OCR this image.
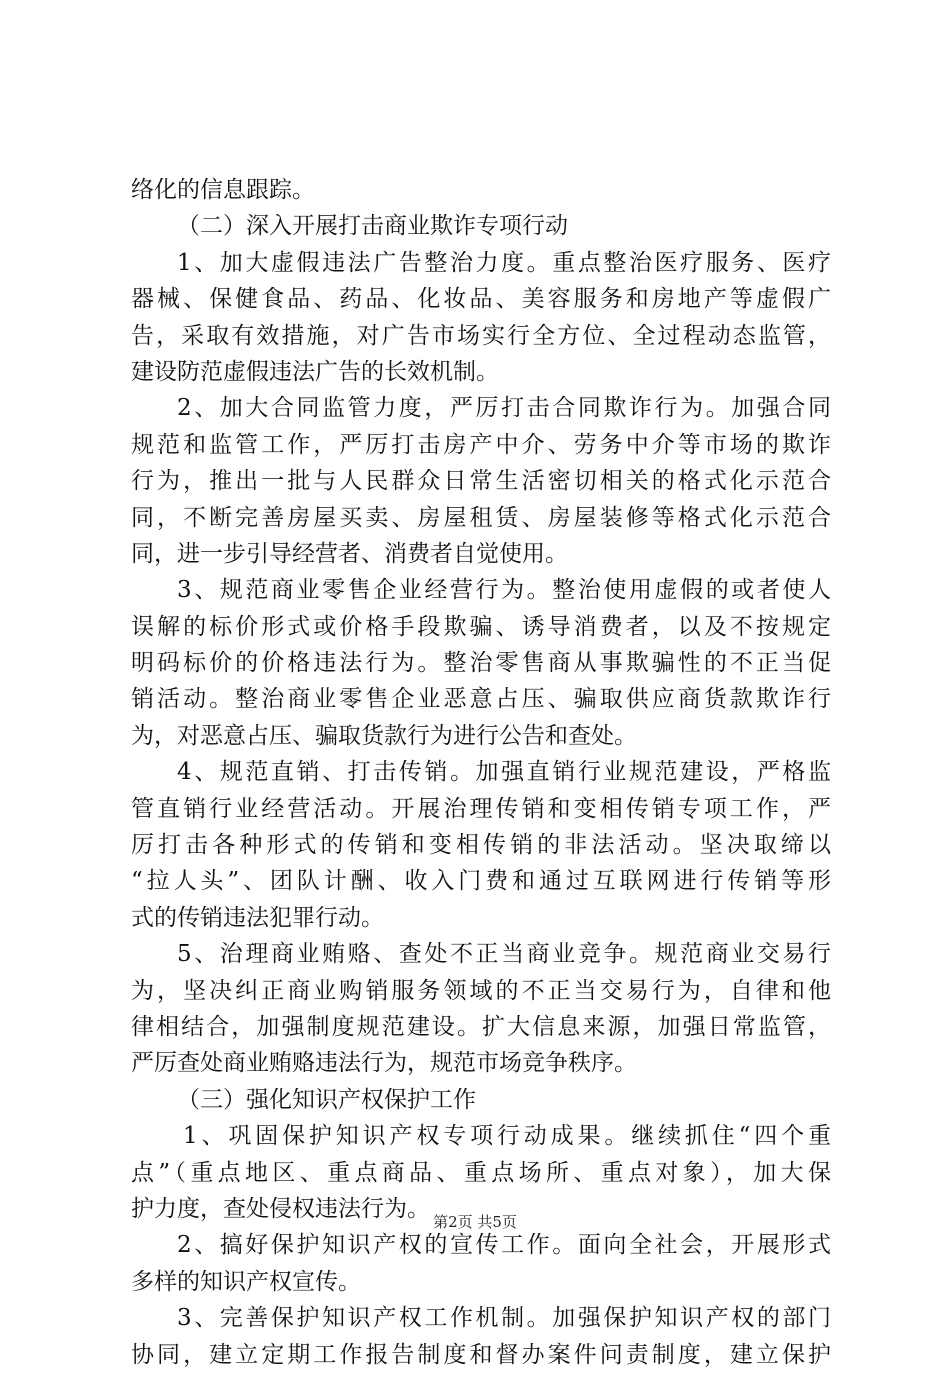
络化的信息跟踪。
（二）深入开展打击商业欺诈专项行动
1、加大虚假违法广告整治力度。重点整治医疗服务、医疗
器械、保健食品、药品、化妆品、美容服务和房地产等虚假广
告，采取有效措施，对广告市场实行全方位、全过程动态监管，
建设防范虚假违法广告的长效机制。
2、加大合同监管力度，严厉打击合同欺诈行为。加强合同
规范和监管工作，严厉打击房产中介、劳务中介等市场的欺诈
行为，推出一批与人民群众日常生活密切相关的格式化示范合
同，不断完善房屋买卖、房屋租赁、房屋装修等格式化示范合
同，进一步引导经营者、消费者自觉使用。
3、规范商业零售企业经营行为。整治使用虚假的或者使人
误解的标价形式或价格手段欺骗、诱导消费者，以及不按规定
明码标价的价格违法行为。整治零售商从事欺骗性的不正当促
销活动。整治商业零售企业恶意占压、骗取供应商货款欺诈行
为，对恶意占压、骗取货款行为进行公告和查处。
4、规范直销、打击传销。加强直销行业规范建设，严格监
管直销行业经营活动。开展治理传销和变相传销专项工作，严
厉打击各种形式的传销和变相传销的非法活动。坚决取缔以
“拉人头”、团队计酬、收入门费和通过互联网进行传销等形
式的传销违法犯罪行动。
5、治理商业贿赂、查处不正当商业竞争。规范商业交易行
为，坚决纠正商业购销服务领域的不正当交易行为，自律和他
律相结合，加强制度规范建设。扩大信息来源，加强日常监管，
严厉查处商业贿赂违法行为，规范市场竞争秩序。
（三）强化知识产权保护工作
1、巩固保护知识产权专项行动成果。继续抓住“四个重
点”（重点地区、重点商品、重点场所、重点对象），加大保
护力度，查处侵权违法行为。
2、搞好保护知识产权的宣传工作。面向全社会，开展形式
多样的知识产权宣传。
3、完善保护知识产权工作机制。加强保护知识产权的部门
协同，建立定期工作报告制度和督办案件问责制度，建立保护
第2页 共5页
